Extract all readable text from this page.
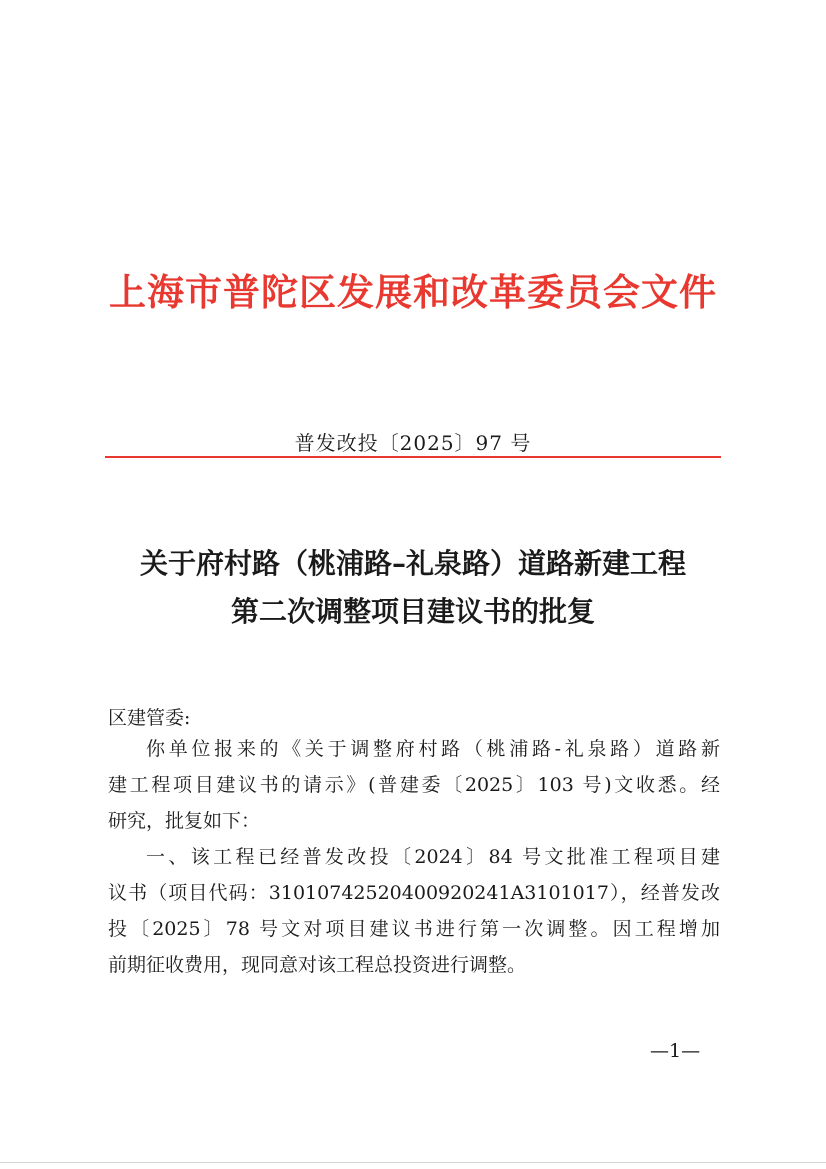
上海市普陀区发展和改革委员会文件
普发改投〔2025〕97 号
关于府村路（桃浦路–礼泉路）道路新建工程
第二次调整项目建议书的批复
区建管委:
你单位报来的《关于调整府村路（桃浦路-礼泉路）道路新
建工程项目建议书的请示》(普建委〔2025〕103 号)文收悉。经
研究，批复如下：
一、该工程已经普发改投〔2024〕84 号文批准工程项目建
议书（项目代码：31010742520400920241A3101017），经普发改
投〔2025〕78 号文对项目建议书进行第一次调整。因工程增加
前期征收费用，现同意对该工程总投资进行调整。
—1—
